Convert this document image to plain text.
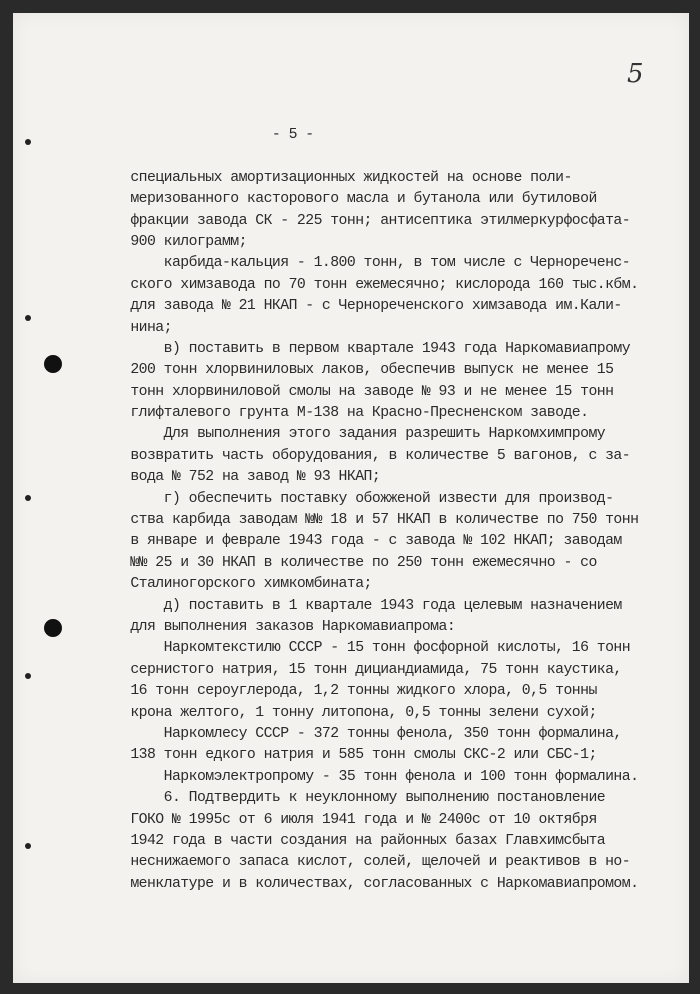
5
- 5 -
специальных амортизационных жидкостей на основе поли-
меризованного касторового масла и бутанола или бутиловой
фракции завода СК - 225 тонн; антисептика этилмеркурфосфата-
900 килограмм;
карбида-кальция - 1.800 тонн, в том числе с Чернореченс-
ского химзавода по 70 тонн ежемесячно; кислорода 160 тыс.кбм.
для завода № 21 НКАП - с Чернореченского химзавода им.Кали-
нина;
в) поставить в первом квартале 1943 года Наркомавиапрому
200 тонн хлорвиниловых лаков, обеспечив выпуск не менее 15
тонн хлорвиниловой смолы на заводе № 93 и не менее 15 тонн
глифталевого грунта М-138 на Красно-Пресненском заводе.
Для выполнения этого задания разрешить Наркомхимпрому
возвратить часть оборудования, в количестве 5 вагонов, с за-
вода № 752 на завод № 93 НКАП;
г) обеспечить поставку обожженой извести для производ-
ства карбида заводам №№ 18 и 57 НКАП в количестве по 750 тонн
в январе и феврале 1943 года - с завода № 102 НКАП; заводам
№№ 25 и 30 НКАП в количестве по 250 тонн ежемесячно - со
Сталиногорского химкомбината;
д) поставить в 1 квартале 1943 года целевым назначением
для выполнения заказов Наркомавиапрома:
Наркомтекстилю СССР - 15 тонн фосфорной кислоты, 16 тонн
сернистого натрия, 15 тонн дициандиамида, 75 тонн каустика,
16 тонн сероуглерода, 1,2 тонны жидкого хлора, 0,5 тонны
крона желтого, 1 тонну литопона, 0,5 тонны зелени сухой;
Наркомлесу СССР - 372 тонны фенола, 350 тонн формалина,
138 тонн едкого натрия и 585 тонн смолы СКС-2 или СБС-1;
Наркомэлектропрому - 35 тонн фенола и 100 тонн формалина.
6. Подтвердить к неуклонному выполнению постановление
ГОКО № 1995с от 6 июля 1941 года и № 2400с от 10 октября
1942 года в части создания на районных базах Главхимсбыта
неснижаемого запаса кислот, солей, щелочей и реактивов в но-
менклатуре и в количествах, согласованных с Наркомавиапромом.
